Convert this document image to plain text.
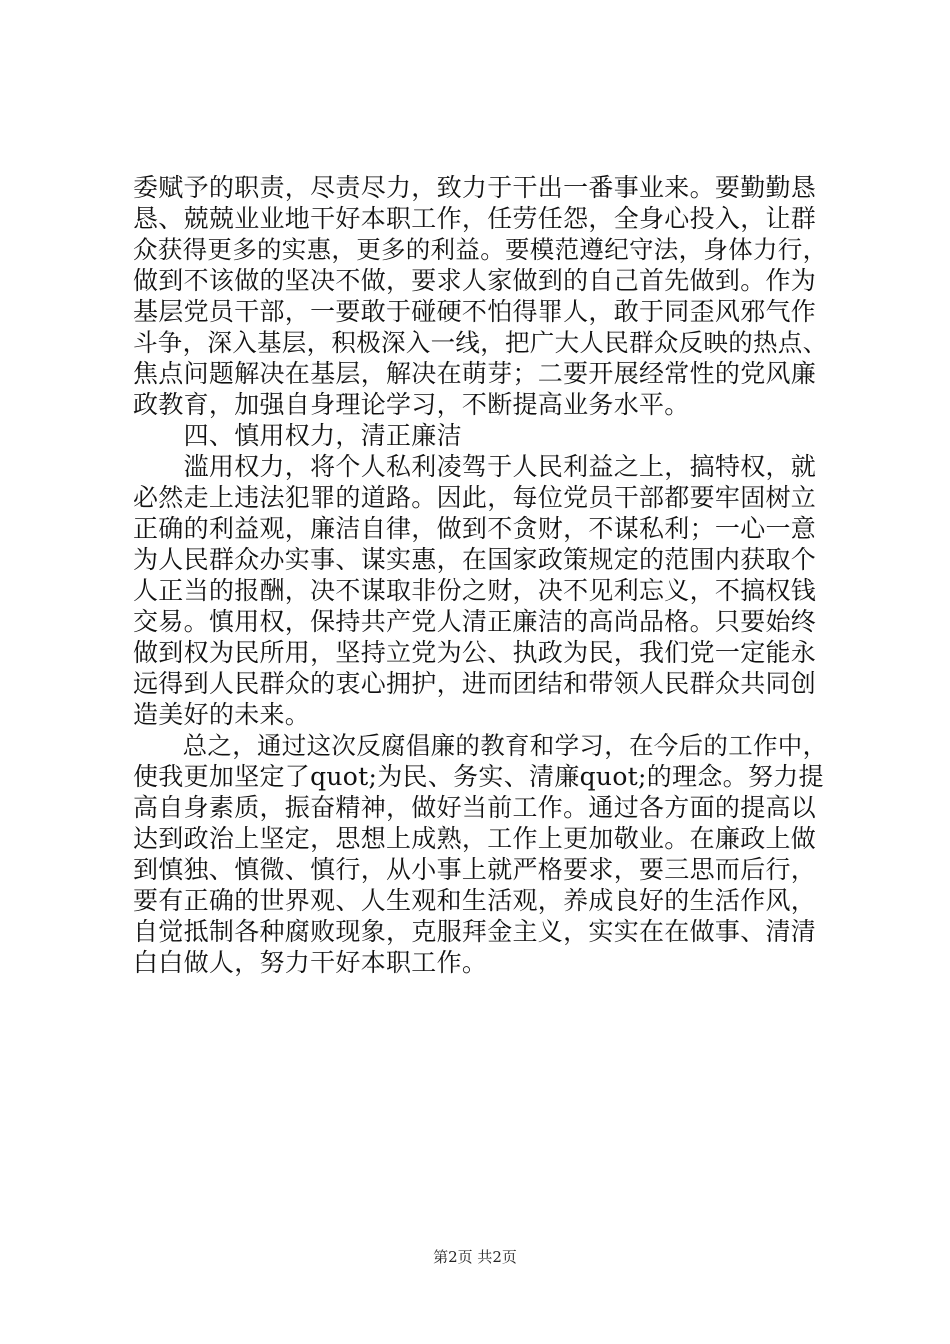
委赋予的职责，尽责尽力，致力于干出一番事业来。要勤勤恳
恳、兢兢业业地干好本职工作，任劳任怨，全身心投入，让群
众获得更多的实惠，更多的利益。要模范遵纪守法，身体力行，
做到不该做的坚决不做，要求人家做到的自己首先做到。作为
基层党员干部，一要敢于碰硬不怕得罪人，敢于同歪风邪气作
斗争，深入基层，积极深入一线，把广大人民群众反映的热点、
焦点问题解决在基层，解决在萌芽；二要开展经常性的党风廉
政教育，加强自身理论学习，不断提高业务水平。
　　四、慎用权力，清正廉洁
　　滥用权力，将个人私利凌驾于人民利益之上，搞特权，就
必然走上违法犯罪的道路。因此，每位党员干部都要牢固树立
正确的利益观，廉洁自律，做到不贪财，不谋私利；一心一意
为人民群众办实事、谋实惠，在国家政策规定的范围内获取个
人正当的报酬，决不谋取非份之财，决不见利忘义，不搞权钱
交易。慎用权，保持共产党人清正廉洁的高尚品格。只要始终
做到权为民所用，坚持立党为公、执政为民，我们党一定能永
远得到人民群众的衷心拥护，进而团结和带领人民群众共同创
造美好的未来。
　　总之，通过这次反腐倡廉的教育和学习，在今后的工作中，
使我更加坚定了quot;为民、务实、清廉quot;的理念。努力提
高自身素质，振奋精神，做好当前工作。通过各方面的提高以
达到政治上坚定，思想上成熟，工作上更加敬业。在廉政上做
到慎独、慎微、慎行，从小事上就严格要求，要三思而后行，
要有正确的世界观、人生观和生活观，养成良好的生活作风，
自觉抵制各种腐败现象，克服拜金主义，实实在在做事、清清
白白做人，努力干好本职工作。
第2页 共2页
